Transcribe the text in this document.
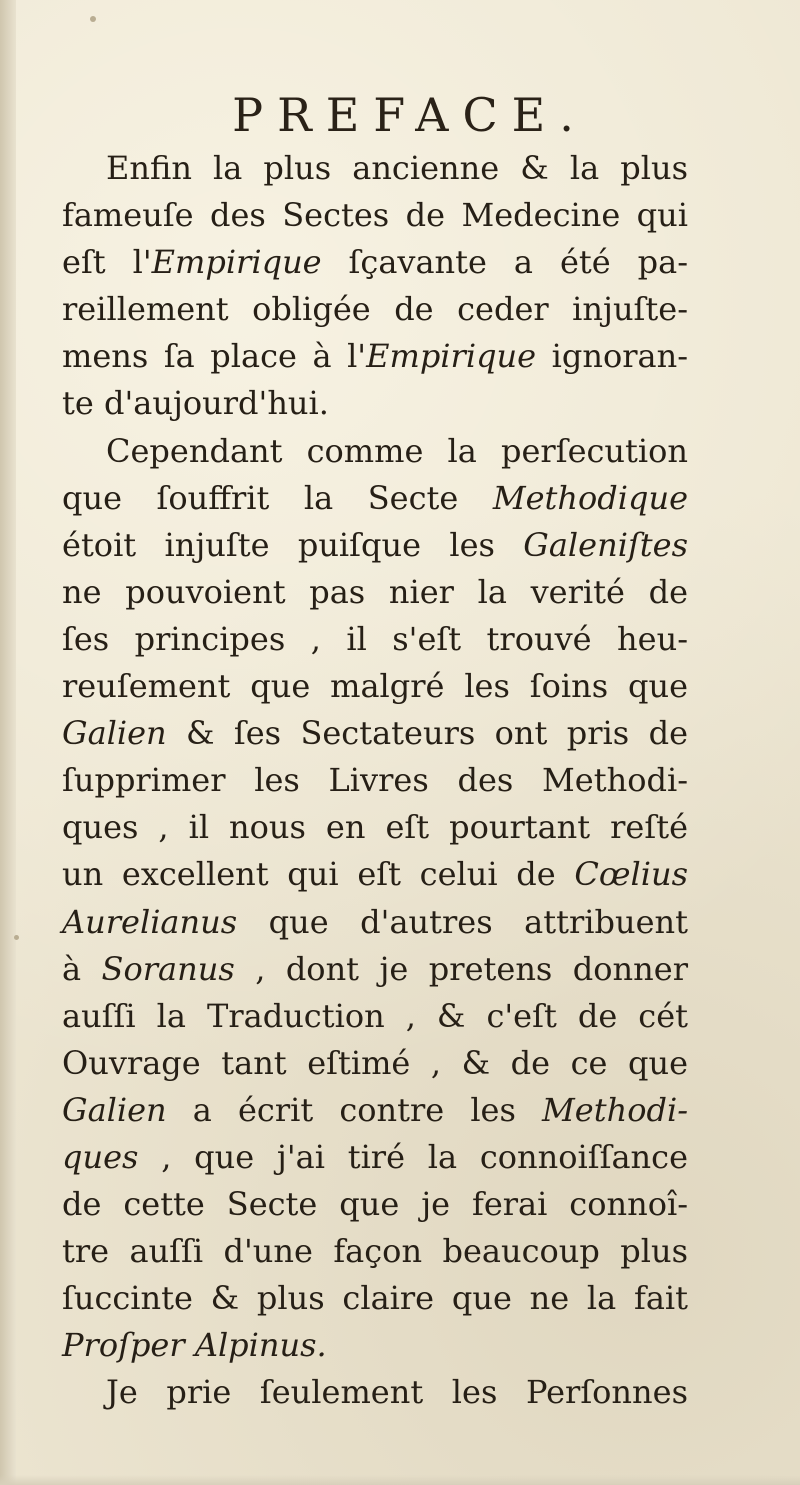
PREFACE.
Enfin la plus ancienne & la plus
fameuſe des Sectes de Medecine qui
eſt l'Empirique ſçavante a été pa-
reillement obligée de ceder injuſte-
mens ſa place à l'Empirique ignoran-
te d'aujourd'hui.
Cependant comme la perſecution
que ſouffrit la Secte Methodique
étoit injuſte puiſque les Galeniſtes
ne pouvoient pas nier la verité de
ſes principes , il s'eſt trouvé heu-
reuſement que malgré les ſoins que
Galien & ſes Sectateurs ont pris de
ſupprimer les Livres des Methodi-
ques , il nous en eſt pourtant reſté
un excellent qui eſt celui de Cœlius
Aurelianus que d'autres attribuent
à Soranus , dont je pretens donner
auſſi la Traduction , & c'eſt de cét
Ouvrage tant eſtimé , & de ce que
Galien a écrit contre les Methodi-
ques , que j'ai tiré la connoiſſance
de cette Secte que je ferai connoî-
tre auſſi d'une façon beaucoup plus
ſuccinte & plus claire que ne la fait
Proſper Alpinus.
Je prie ſeulement les Perſonnes
